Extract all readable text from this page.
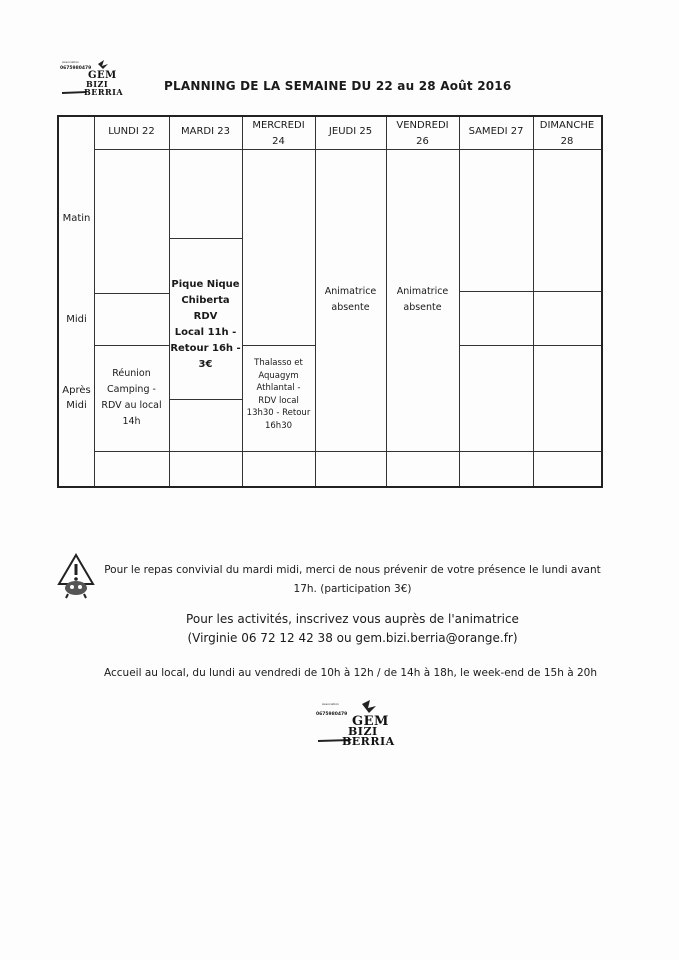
Association
0675980479
GEM
BIZI
BERRIA	PLANNING DE LA SEMAINE DU 22 au 28 Août 2016
LUNDI 22	MARDI 23
MERCREDI
24
JEUDI 25
VENDREDI
26
SAMEDI 27
DIMANCHE
28
Matin
Midi
Après
Midi
Pique Nique
Chiberta RDV
Local 11h -
Retour 16h -
3€
Animatrice
absente
Animatrice
absente
Réunion
Camping -
RDV au local
14h
Thalasso et
Aquagym
Athlantal -
RDV local
13h30 - Retour
16h30
Pour le repas convivial du mardi midi, merci de nous prévenir de votre présence le lundi avant
17h. (participation 3€)
Pour les activités, inscrivez vous auprès de l'animatrice
(Virginie 06 72 12 42 38 ou gem.bizi.berria@orange.fr)
Accueil au local, du lundi au vendredi de 10h à 12h / de 14h à 18h, le week-end de 15h à 20h
Association
0675980479 GEM
BIZI
BERRIA
